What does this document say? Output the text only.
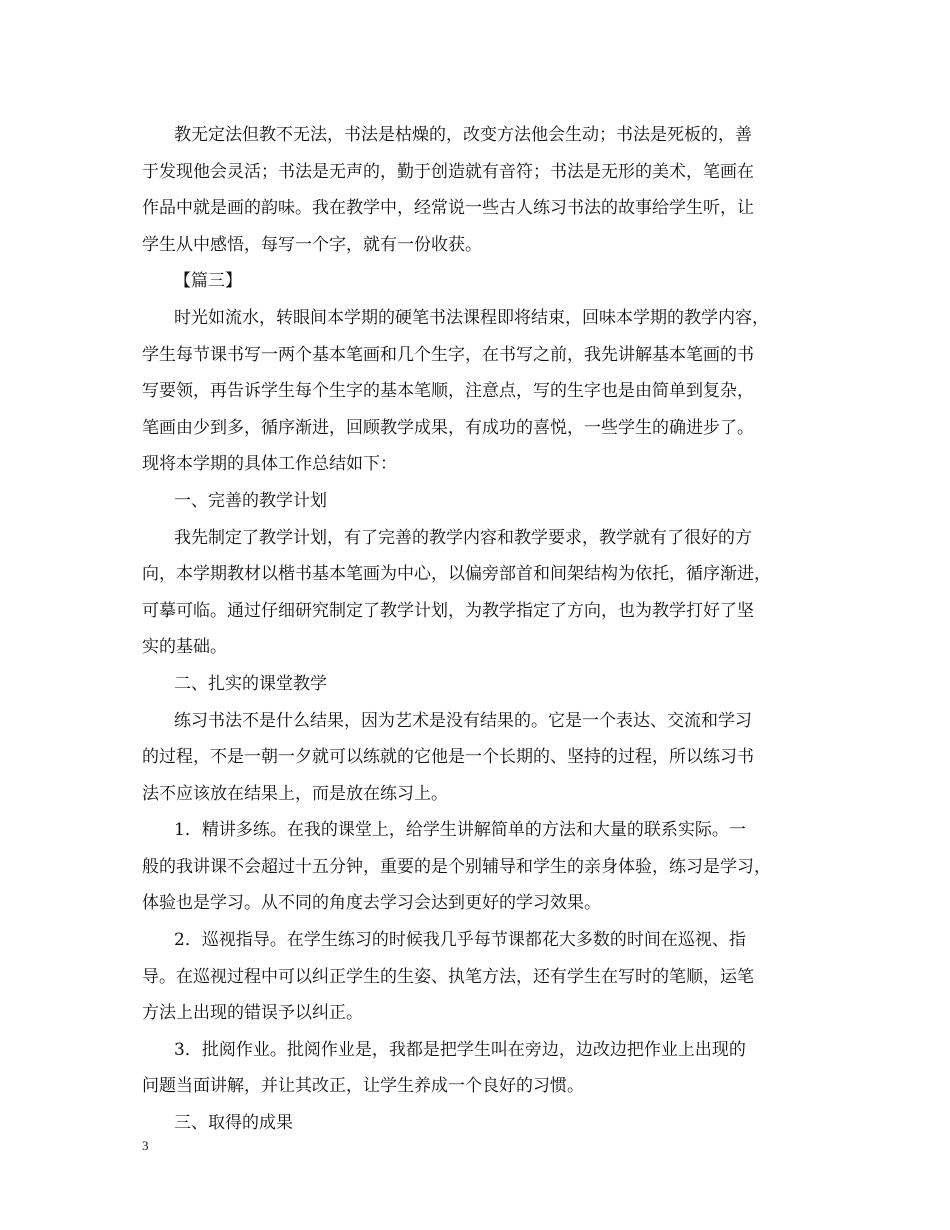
教无定法但教不无法，书法是枯燥的，改变方法他会生动；书法是死板的，善
于发现他会灵活；书法是无声的，勤于创造就有音符；书法是无形的美术，笔画在
作品中就是画的韵味。我在教学中，经常说一些古人练习书法的故事给学生听，让
学生从中感悟，每写一个字，就有一份收获。
【篇三】
时光如流水，转眼间本学期的硬笔书法课程即将结束，回味本学期的教学内容，
学生每节课书写一两个基本笔画和几个生字，在书写之前，我先讲解基本笔画的书
写要领，再告诉学生每个生字的基本笔顺，注意点，写的生字也是由简单到复杂，
笔画由少到多，循序渐进，回顾教学成果，有成功的喜悦，一些学生的确进步了。
现将本学期的具体工作总结如下：
一、完善的教学计划
我先制定了教学计划，有了完善的教学内容和教学要求，教学就有了很好的方
向，本学期教材以楷书基本笔画为中心，以偏旁部首和间架结构为依托，循序渐进，
可摹可临。通过仔细研究制定了教学计划，为教学指定了方向，也为教学打好了坚
实的基础。
二、扎实的课堂教学
练习书法不是什么结果，因为艺术是没有结果的。它是一个表达、交流和学习
的过程，不是一朝一夕就可以练就的它他是一个长期的、坚持的过程，所以练习书
法不应该放在结果上，而是放在练习上。
1．精讲多练。在我的课堂上，给学生讲解简单的方法和大量的联系实际。一
般的我讲课不会超过十五分钟，重要的是个别辅导和学生的亲身体验，练习是学习，
体验也是学习。从不同的角度去学习会达到更好的学习效果。
2．巡视指导。在学生练习的时候我几乎每节课都花大多数的时间在巡视、指
导。在巡视过程中可以纠正学生的生姿、执笔方法，还有学生在写时的笔顺，运笔
方法上出现的错误予以纠正。
3．批阅作业。批阅作业是，我都是把学生叫在旁边，边改边把作业上出现的
问题当面讲解，并让其改正，让学生养成一个良好的习惯。
三、取得的成果
3
